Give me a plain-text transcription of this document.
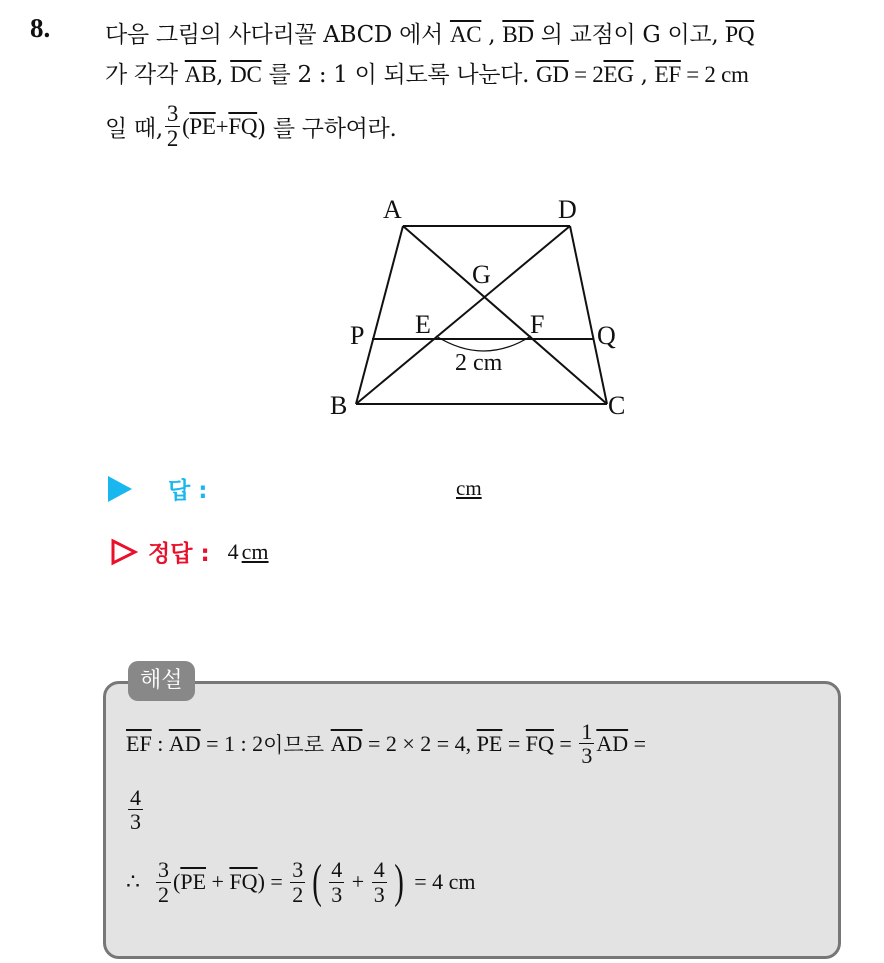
8. 다음 그림의 사다리꼴 ABCD 에서 $\overline{AC}$ , $\overline{BD}$ 의 교점이 G 이고, $\overline{PQ}$
가 각각 $\overline{AB}$, $\overline{DC}$ 를 2 : 1 이 되도록 나눈다. $\overline{GD} = 2\overline{EG}$ , $\overline{EF} = 2$ cm
일 때, $\frac{3}{2}$ ( $\overline{PE} + \overline{FQ}$ ) 를 구하여라.
A	D
G
P E	F Q
B	C
2 cm
답 :	cm
정답 : 4 cm
해설
$\overline{EF}$ : $\overline{AD} = 1$ : 2 이므로 $\overline{AD} = 2 \times 2 = 4$, $\overline{PE} = \overline{FQ} = \frac{1}{3} \overline{AD}$ =
$\frac{4}{3}$
∴ $\frac{3}{2}$ ( $\overline{PE} + \overline{FQ}$ ) = $\frac{3}{2}$ ( $\frac{4}{3} + \frac{4}{3}$ ) = 4 cm
